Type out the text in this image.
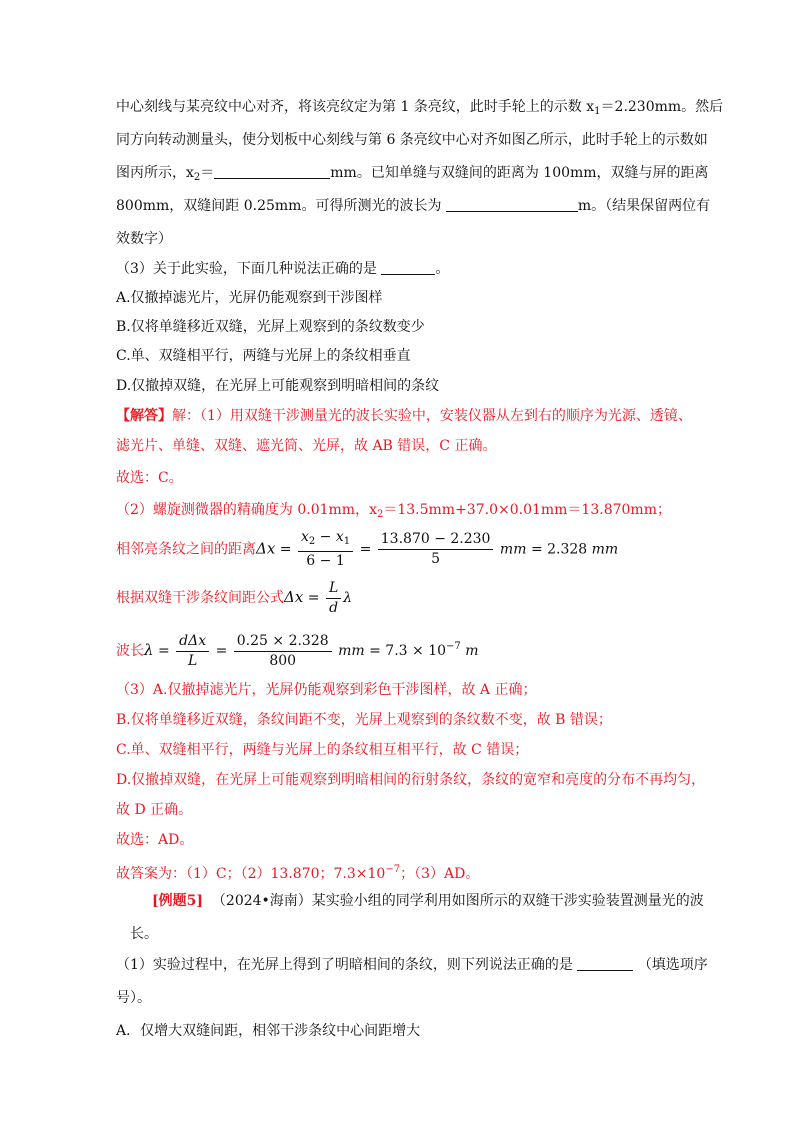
中心刻线与某亮纹中心对齐，将该亮纹定为第 1 条亮纹，此时手轮上的示数 $x_1=2.230mm$。然后
同方向转动测量头，使分划板中心刻线与第 6 条亮纹中心对齐如图乙所示，此时手轮上的示数如
图丙所示，$x_2=$	mm。已知单缝与双缝间的距离为 100mm，双缝与屏的距离
800mm，双缝间距 0.25mm。可得所测光的波长为	m。（结果保留两位有
效数字）
（3）关于此实验，下面几种说法正确的是	。
A.仅撤掉滤光片，光屏仍能观察到干涉图样
B.仅将单缝移近双缝，光屏上观察到的条纹数变少
C.单、双缝相平行，两缝与光屏上的条纹相垂直
D.仅撤掉双缝，在光屏上可能观察到明暗相间的条纹
【解答】解：（1）用双缝干涉测量光的波长实验中，安装仪器从左到右的顺序为光源、透镜、
滤光片、单缝、双缝、遮光筒、光屏，故 AB 错误，C 正确。
故选：C。
（2）螺旋测微器的精确度为 0.01mm，$x_2=13.5mm+37.0\times 0.01mm=13.870mm$；
相邻亮条纹之间的距离$\Delta x = \frac{x_2 - x_1}{6 - 1} = \frac{13.870 - 2.230}{5}$ mm = 2.328 mm
根据双缝干涉条纹间距公式$\Delta x = \frac{L}{d}$ λ
波长$\lambda = \frac{\text{dΔx}}{L} = \frac{0.25 \times 2.328}{800}$ mm = $7.3 \times 10^{-7}$ m
（3）A.仅撤掉滤光片，光屏仍能观察到彩色干涉图样，故 A 正确；
B.仅将单缝移近双缝，条纹间距不变，光屏上观察到的条纹数不变，故 B 错误；
C.单、双缝相平行，两缝与光屏上的条纹相互相平行，故 C 错误；
D.仅撤掉双缝，在光屏上可能观察到明暗相间的衍射条纹，条纹的宽窄和亮度的分布不再均匀，
故 D 正确。
故选：AD。
故答案为：（1）C；（2）13.870；$7.3\times 10^{-7}$；（3）AD。
[例题5] （2024•海南）某实验小组的同学利用如图所示的双缝干涉实验装置测量光的波
长。
（1）实验过程中，在光屏上得到了明暗相间的条纹，则下列说法正确的是	（填选项序
号）。
A．仅增大双缝间距，相邻干涉条纹中心间距增大
